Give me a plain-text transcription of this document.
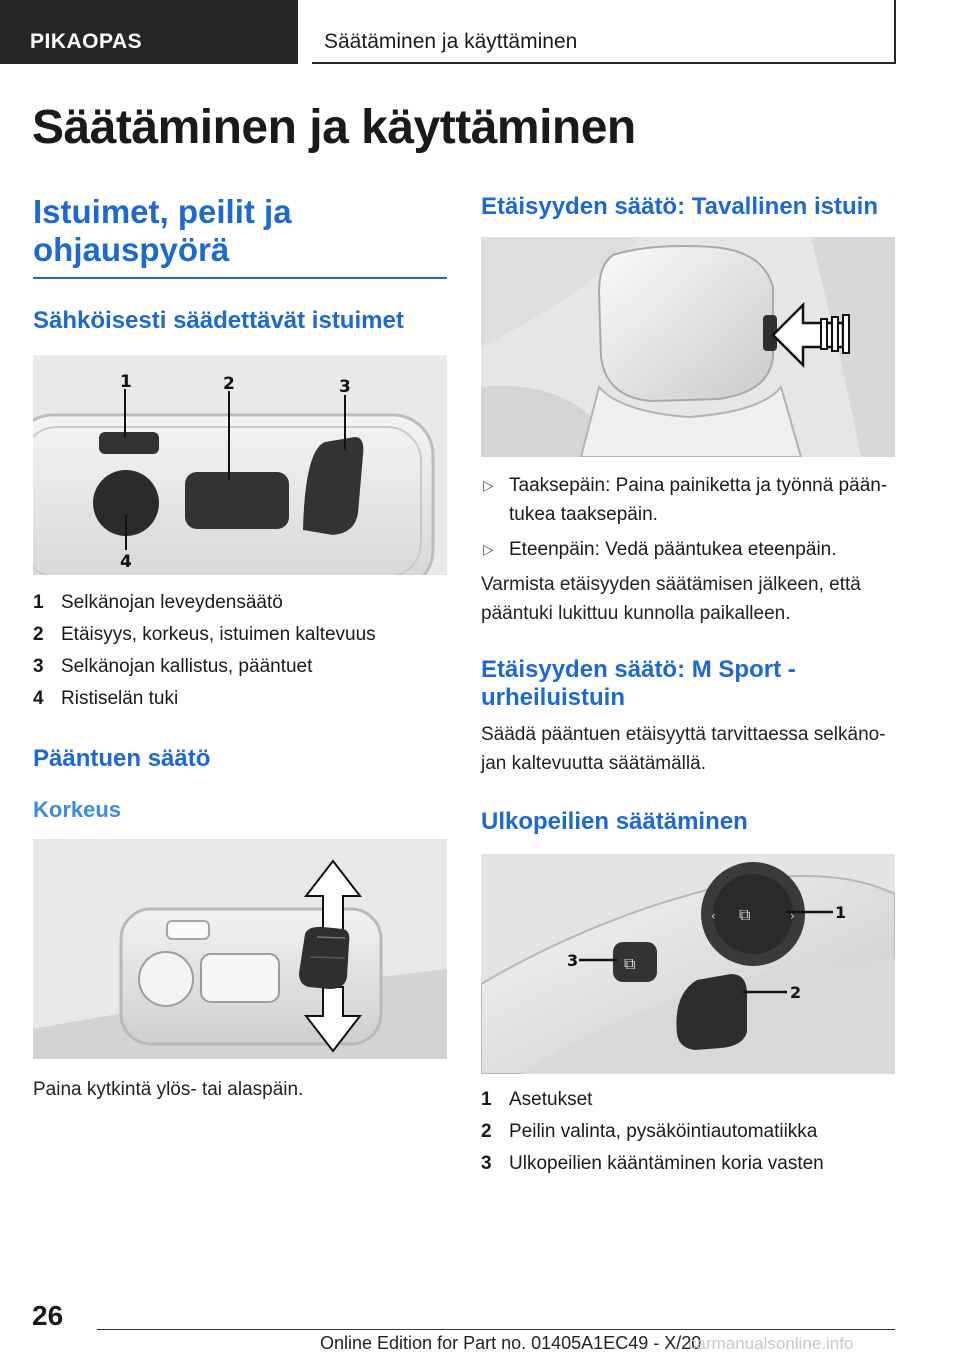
PIKAOPAS	Säätäminen ja käyttäminen
Säätäminen ja käyttäminen
Istuimet, peilit ja ohjauspyörä
Sähköisesti säädettävät istuimet
1	2	3
4
1 Selkänojan leveydensäätö
2 Etäisyys, korkeus, istuimen kaltevuus
3 Selkänojan kallistus, pääntuet
4 Ristiselän tuki
Pääntuen säätö
Korkeus

Paina kytkintä ylös- tai alaspäin.

Etäisyyden säätö: Tavallinen istuin
▷ Taaksepäin: Paina painiketta ja työnnä pääntukea taaksepäin.
▷ Eteenpäin: Vedä pääntukea eteenpäin.

Varmista etäisyyden säätämisen jälkeen, että pääntuki lukittuu kunnolla paikalleen.

Etäisyyden säätö: M Sport -urheiluistuin

Säädä pääntuen etäisyyttä tarvittaessa selkänojan kaltevuutta säätämällä.

Ulkopeilien säätäminen
⧉
‹	›
⧉
1
2
3
1 Asetukset
2 Peilin valinta, pysäköintiautomatiikka
3 Ulkopeilien kääntäminen koria vasten
26
Online Edition for Part no. 01405A1EC49 - X/20
carmanualsonline.info
